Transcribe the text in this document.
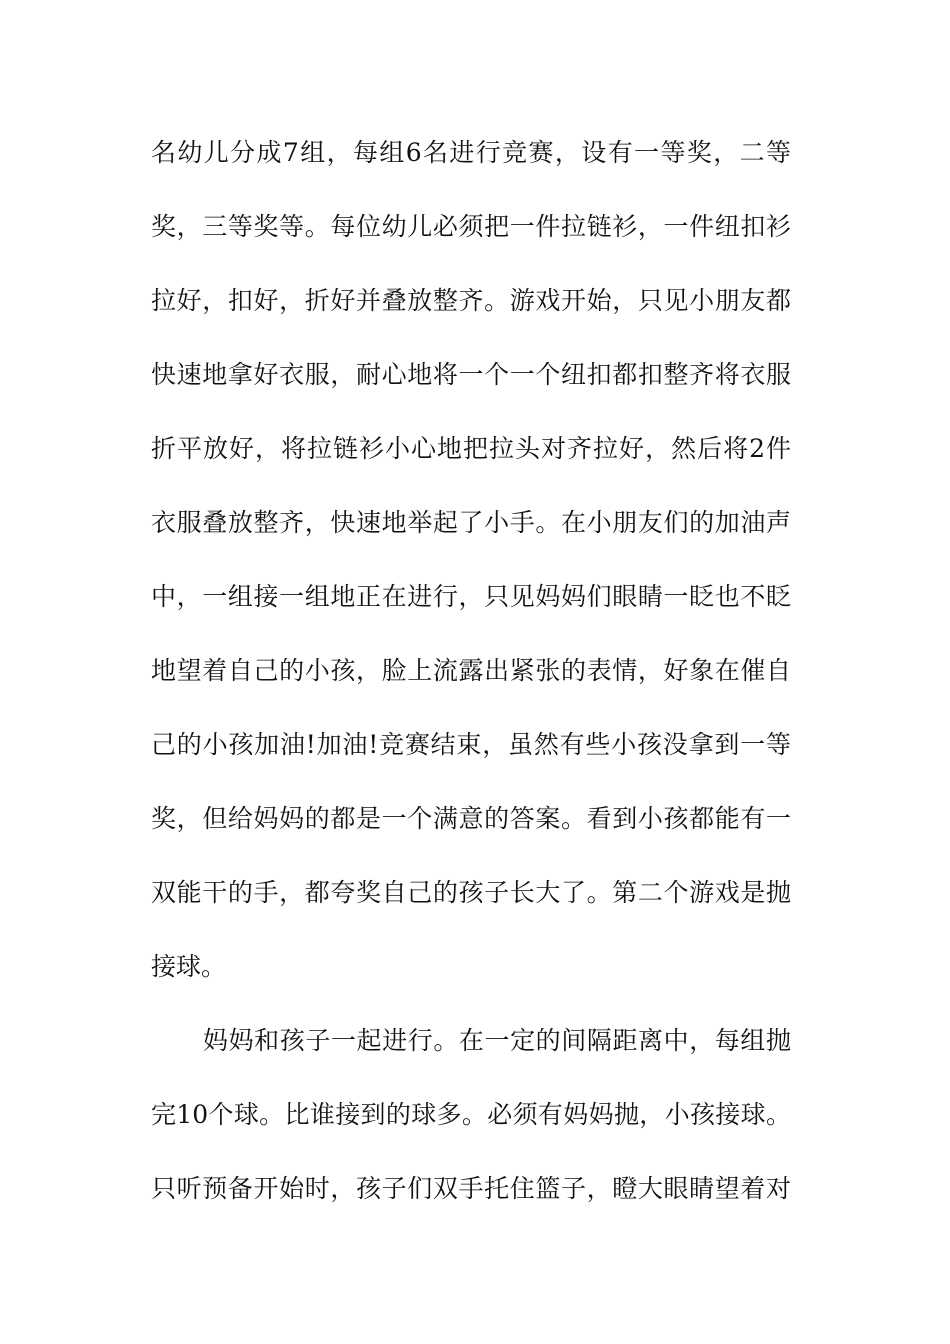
名幼儿分成7组，每组6名进行竞赛，设有一等奖，二等
奖，三等奖等。每位幼儿必须把一件拉链衫，一件纽扣衫
拉好，扣好，折好并叠放整齐。游戏开始，只见小朋友都
快速地拿好衣服，耐心地将一个一个纽扣都扣整齐将衣服
折平放好，将拉链衫小心地把拉头对齐拉好，然后将2件
衣服叠放整齐，快速地举起了小手。在小朋友们的加油声
中，一组接一组地正在进行，只见妈妈们眼睛一眨也不眨
地望着自己的小孩，脸上流露出紧张的表情，好象在催自
己的小孩加油!加油!竞赛结束，虽然有些小孩没拿到一等
奖，但给妈妈的都是一个满意的答案。看到小孩都能有一
双能干的手，都夸奖自己的孩子长大了。第二个游戏是抛
接球。
妈妈和孩子一起进行。在一定的间隔距离中，每组抛
完10个球。比谁接到的球多。必须有妈妈抛，小孩接球。
只听预备开始时，孩子们双手托住篮子，瞪大眼睛望着对
